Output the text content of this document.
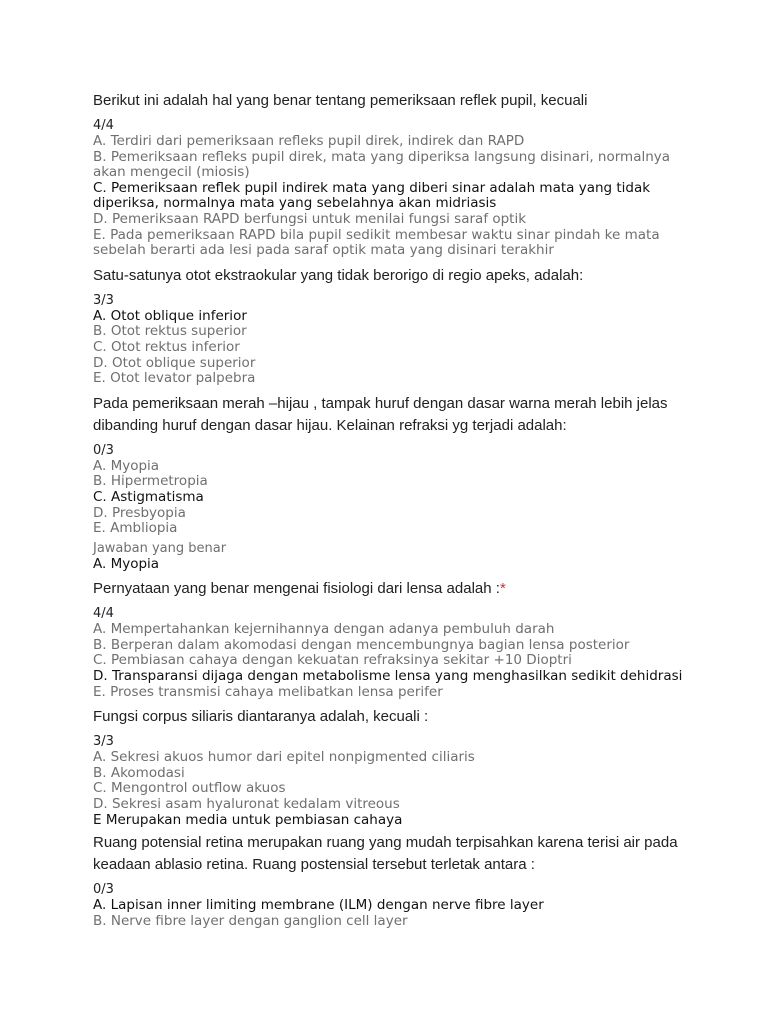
Berikut ini adalah hal yang benar tentang pemeriksaan reflek pupil, kecuali

4/4
A. Terdiri dari pemeriksaan refleks pupil direk, indirek dan RAPD
B. Pemeriksaan refleks pupil direk, mata yang diperiksa langsung disinari, normalnya akan mengecil (miosis)
C. Pemeriksaan reflek pupil indirek mata yang diberi sinar adalah mata yang tidak diperiksa, normalnya mata yang sebelahnya akan midriasis
D. Pemeriksaan RAPD berfungsi untuk menilai fungsi saraf optik
E. Pada pemeriksaan RAPD bila pupil sedikit membesar waktu sinar pindah ke mata sebelah berarti ada lesi pada saraf optik mata yang disinari terakhir

Satu-satunya otot ekstraokular yang tidak berorigo di regio apeks, adalah:

3/3
A. Otot oblique inferior
B. Otot rektus superior
C. Otot rektus inferior
D. Otot oblique superior
E. Otot levator palpebra

Pada pemeriksaan merah –hijau , tampak huruf dengan dasar warna merah lebih jelas dibanding huruf dengan dasar hijau. Kelainan refraksi yg terjadi adalah:

0/3
A. Myopia
B. Hipermetropia
C. Astigmatisma
D. Presbyopia
E. Ambliopia
Jawaban yang benar
A. Myopia

Pernyataan yang benar mengenai fisiologi dari lensa adalah :*

4/4
A. Mempertahankan kejernihannya dengan adanya pembuluh darah
B. Berperan dalam akomodasi dengan mencembungnya bagian lensa posterior
C. Pembiasan cahaya dengan kekuatan refraksinya sekitar +10 Dioptri
D. Transparansi dijaga dengan metabolisme lensa yang menghasilkan sedikit dehidrasi
E. Proses transmisi cahaya melibatkan lensa perifer

Fungsi corpus siliaris diantaranya adalah, kecuali :

3/3
A. Sekresi akuos humor dari epitel nonpigmented ciliaris
B. Akomodasi
C. Mengontrol outflow akuos
D. Sekresi asam hyaluronat kedalam vitreous
E Merupakan media untuk pembiasan cahaya

Ruang potensial retina merupakan ruang yang mudah terpisahkan karena terisi air pada keadaan ablasio retina. Ruang postensial tersebut terletak antara :

0/3
A. Lapisan inner limiting membrane (ILM) dengan nerve fibre layer
B. Nerve fibre layer dengan ganglion cell layer
